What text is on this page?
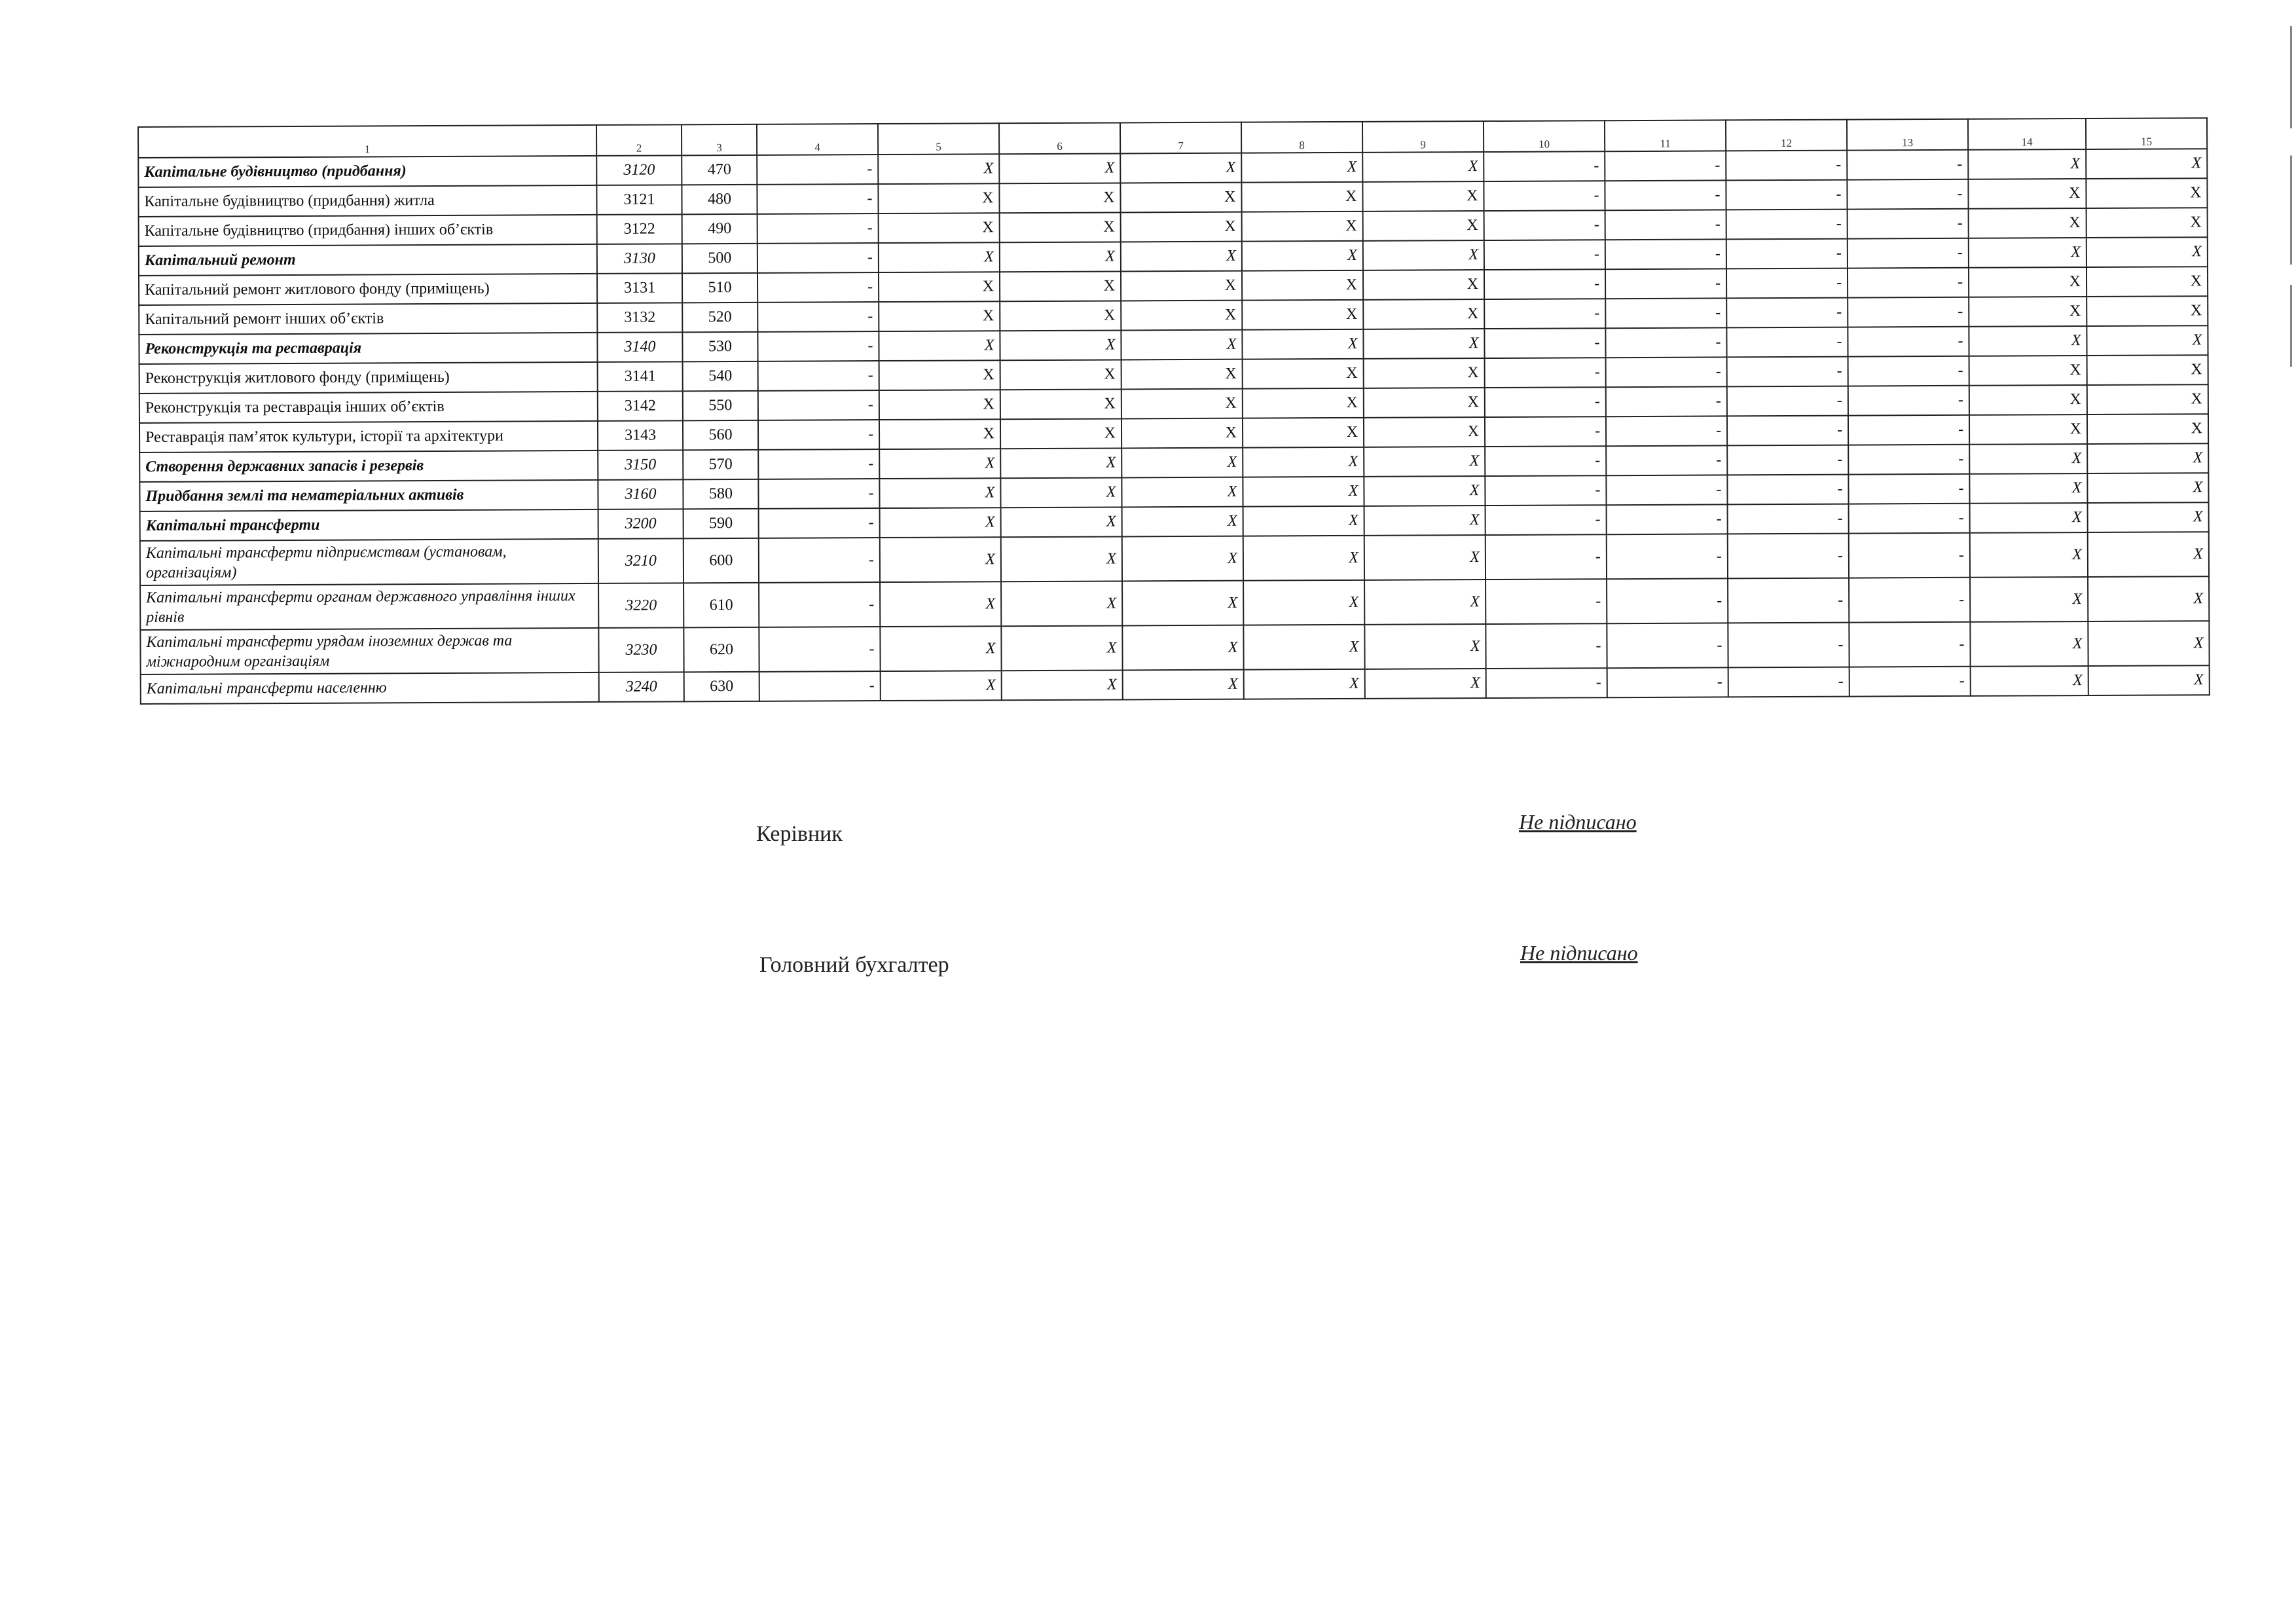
1	2	3	4	5	6	7	8	9	10	11	12	13	14	15
Капітальне будівництво (придбання)	3120	470	-	X	X	X	X	X	-	-	-	-	X	X
Капітальне будівництво (придбання) житла	3121	480	-	X	X	X	X	X	-	-	-	-	X	X
Капітальне будівництво (придбання) інших об’єктів	3122	490	-	X	X	X	X	X	-	-	-	-	X	X
Капітальний ремонт	3130	500	-	X	X	X	X	X	-	-	-	-	X	X
Капітальний ремонт житлового фонду (приміщень)	3131	510	-	X	X	X	X	X	-	-	-	-	X	X
Капітальний ремонт інших об’єктів	3132	520	-	X	X	X	X	X	-	-	-	-	X	X
Реконструкція та реставрація	3140	530	-	X	X	X	X	X	-	-	-	-	X	X
Реконструкція житлового фонду (приміщень)	3141	540	-	X	X	X	X	X	-	-	-	-	X	X
Реконструкція та реставрація інших об’єктів	3142	550	-	X	X	X	X	X	-	-	-	-	X	X
Реставрація пам’яток культури, історії та архітектури	3143	560	-	X	X	X	X	X	-	-	-	-	X	X
Створення державних запасів і резервів	3150	570	-	X	X	X	X	X	-	-	-	-	X	X
Придбання землі та нематеріальних активів	3160	580	-	X	X	X	X	X	-	-	-	-	X	X
Капітальні трансферти	3200	590	-	X	X	X	X	X	-	-	-	-	X	X
Капітальні трансферти підприємствам (установам, організаціям)	3210	600	-	X	X	X	X	X	-	-	-	-	X	X
Капітальні трансферти органам державного управління інших рівнів	3220	610	-	X	X	X	X	X	-	-	-	-	X	X
Капітальні трансферти урядам іноземних держав та міжнародним організаціям	3230	620	-	X	X	X	X	X	-	-	-	-	X	X
Капітальні трансферти населенню	3240	630	-	X	X	X	X	X	-	-	-	-	X	X
Керівник	Не підписано
Головний бухгалтер	Не підписано
